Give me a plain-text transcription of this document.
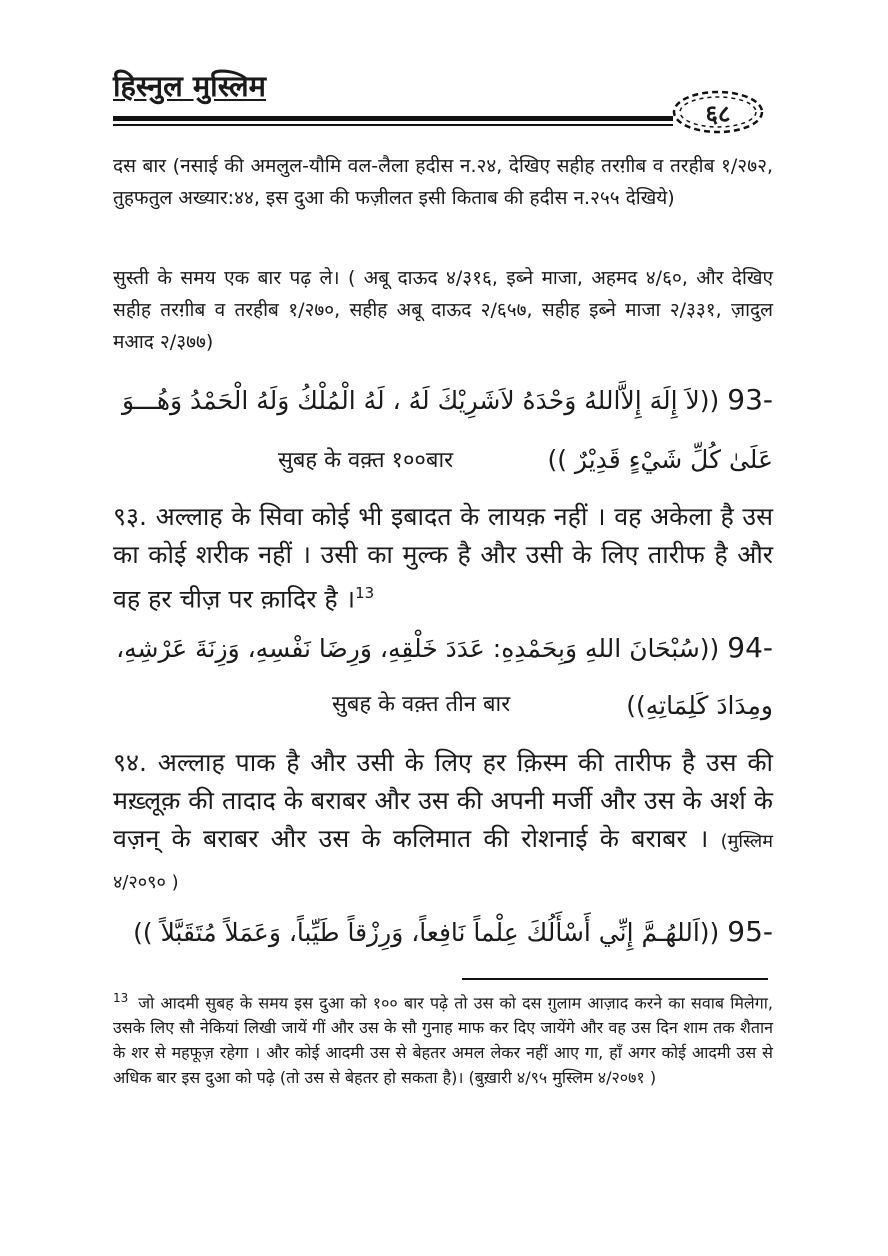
हिस्नुल मुस्लिम
६८

दस बार (नसाई की अमलुल-यौमि वल-लैला हदीस न.२४, देखिए सहीह तरग़ीब व तरहीब १/२७२, तुहफतुल अख्यार:४४, इस दुआ की फज़ीलत इसी किताब की हदीस न.२५५ देखिये)

सुस्ती के समय एक बार पढ़ ले। ( अबू दाऊद ४/३१६, इब्ने माजा, अहमद ४/६०, और देखिए सहीह तरग़ीब व तरहीब १/२७०, सहीह अबू दाऊद २/६५७, सहीह इब्ने माजा २/३३१, ज़ादुल मआद २/३७७)

93- ((لاَ إِلَهَ إِلاَّاللهُ وَحْدَهُ لاَشَرِيْكَ لَهُ ، لَهُ الْمُلْكُ وَلَهُ الْحَمْدُ وَهُـــوَ
عَلَىٰ كُلِّ شَيْءٍ قَدِيْرٌ ))
सुबह के वक़्त १००बार

९३. अल्लाह के सिवा कोई भी इबादत के लायक़ नहीं । वह अकेला है उस का कोई शरीक नहीं । उसी का मुल्क है और उसी के लिए तारीफ है और वह हर चीज़ पर क़ादिर है ।$^{13}$

94- ((سُبْحَانَ اللهِ وَبِحَمْدِهِ: عَدَدَ خَلْقِهِ، وَرِضَا نَفْسِهِ، وَزِنَةَ عَرْشِهِ،
ومِدَادَ كَلِمَاتِهِ))
सुबह के वक़्त तीन बार

९४. अल्लाह पाक है और उसी के लिए हर क़िस्म की तारीफ है उस की मख़्लूक़ की तादाद के बराबर और उस की अपनी मर्जी और उस के अर्श के वज़न् के बराबर और उस के कलिमात की रोशनाई के बराबर । (मुस्लिम ४/२०९० )

95- ((اَللهُـمَّ إِنِّي أَسْأَلُكَ عِلْماً نَافِعاً، وَرِزْقاً طَيِّباً، وَعَمَلاً مُتَقَبَّلاً ))

$^{13}$ जो आदमी सुबह के समय इस दुआ को १०० बार पढ़े तो उस को दस ग़ुलाम आज़ाद करने का सवाब मिलेगा, उसके लिए सौ नेकियां लिखी जायें गीं और उस के सौ गुनाह माफ कर दिए जायेंगे और वह उस दिन शाम तक शैतान के शर से महफूज़ रहेगा । और कोई आदमी उस से बेहतर अमल लेकर नहीं आए गा, हाँ अगर कोई आदमी उस से अधिक बार इस दुआ को पढ़े (तो उस से बेहतर हो सकता है)। (बुख़ारी ४/९५ मुस्लिम ४/२०७१ )
